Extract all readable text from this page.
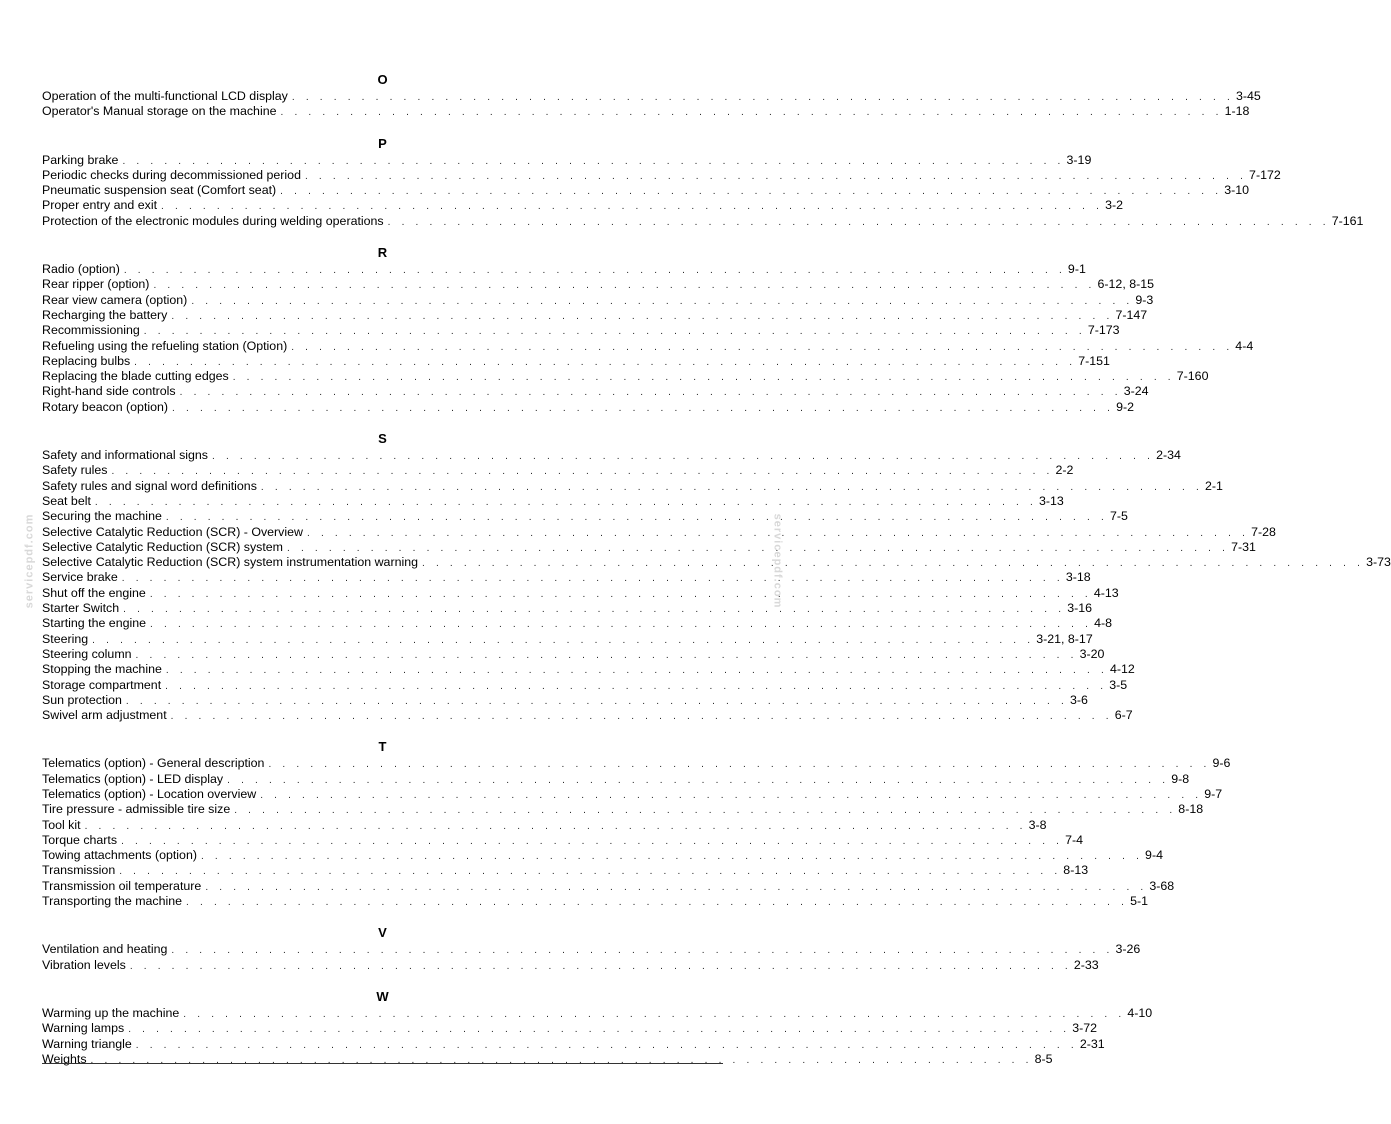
O
Operation of the multi-functional LCD display . . . . . . . . . . . . . . . . . . . . . . . . . . . . . . . . . . . . . . . . . . . . . . . . . . . . . . . . . . . . . . . . . . . . 3-45
Operator's Manual storage on the machine . . . . . . . . . . . . . . . . . . . . . . . . . . . . . . . . . . . . . . . . . . . . . . . . . . . . . . . . . . . . . . . . . . . . 1-18
P
Parking brake . . . . . . . . . . . . . . . . . . . . . . . . . . . . . . . . . . . . . . . . . . . . . . . . . . . . . . . . . . . . . . . . . . . . 3-19
Periodic checks during decommissioned period . . . . . . . . . . . . . . . . . . . . . . . . . . . . . . . . . . . . . . . . . . . . . . . . . . . . . . . . . . . . . . . . . . . . 7-172
Pneumatic suspension seat (Comfort seat) . . . . . . . . . . . . . . . . . . . . . . . . . . . . . . . . . . . . . . . . . . . . . . . . . . . . . . . . . . . . . . . . . . . . 3-10
Proper entry and exit . . . . . . . . . . . . . . . . . . . . . . . . . . . . . . . . . . . . . . . . . . . . . . . . . . . . . . . . . . . . . . . . . . . . 3-2
Protection of the electronic modules during welding operations . . . . . . . . . . . . . . . . . . . . . . . . . . . . . . . . . . . . . . . . . . . . . . . . . . . . . . . . . . . . . . . . . . . . 7-161
R
Radio (option) . . . . . . . . . . . . . . . . . . . . . . . . . . . . . . . . . . . . . . . . . . . . . . . . . . . . . . . . . . . . . . . . . . . . 9-1
Rear ripper (option) . . . . . . . . . . . . . . . . . . . . . . . . . . . . . . . . . . . . . . . . . . . . . . . . . . . . . . . . . . . . . . . . . . . . 6-12, 8-15
Rear view camera (option) . . . . . . . . . . . . . . . . . . . . . . . . . . . . . . . . . . . . . . . . . . . . . . . . . . . . . . . . . . . . . . . . . . . . 9-3
Recharging the battery . . . . . . . . . . . . . . . . . . . . . . . . . . . . . . . . . . . . . . . . . . . . . . . . . . . . . . . . . . . . . . . . . . . . 7-147
Recommissioning . . . . . . . . . . . . . . . . . . . . . . . . . . . . . . . . . . . . . . . . . . . . . . . . . . . . . . . . . . . . . . . . . . . . 7-173
Refueling using the refueling station (Option) . . . . . . . . . . . . . . . . . . . . . . . . . . . . . . . . . . . . . . . . . . . . . . . . . . . . . . . . . . . . . . . . . . . . 4-4
Replacing bulbs . . . . . . . . . . . . . . . . . . . . . . . . . . . . . . . . . . . . . . . . . . . . . . . . . . . . . . . . . . . . . . . . . . . . 7-151
Replacing the blade cutting edges . . . . . . . . . . . . . . . . . . . . . . . . . . . . . . . . . . . . . . . . . . . . . . . . . . . . . . . . . . . . . . . . . . . . 7-160
Right-hand side controls . . . . . . . . . . . . . . . . . . . . . . . . . . . . . . . . . . . . . . . . . . . . . . . . . . . . . . . . . . . . . . . . . . . . 3-24
Rotary beacon (option) . . . . . . . . . . . . . . . . . . . . . . . . . . . . . . . . . . . . . . . . . . . . . . . . . . . . . . . . . . . . . . . . . . . . 9-2
S
Safety and informational signs . . . . . . . . . . . . . . . . . . . . . . . . . . . . . . . . . . . . . . . . . . . . . . . . . . . . . . . . . . . . . . . . . . . . 2-34
Safety rules . . . . . . . . . . . . . . . . . . . . . . . . . . . . . . . . . . . . . . . . . . . . . . . . . . . . . . . . . . . . . . . . . . . . 2-2
Safety rules and signal word definitions . . . . . . . . . . . . . . . . . . . . . . . . . . . . . . . . . . . . . . . . . . . . . . . . . . . . . . . . . . . . . . . . . . . . 2-1
Seat belt . . . . . . . . . . . . . . . . . . . . . . . . . . . . . . . . . . . . . . . . . . . . . . . . . . . . . . . . . . . . . . . . . . . . 3-13
Securing the machine . . . . . . . . . . . . . . . . . . . . . . . . . . . . . . . . . . . . . . . . . . . . . . . . . . . . . . . . . . . . . . . . . . . . 7-5
Selective Catalytic Reduction (SCR) - Overview . . . . . . . . . . . . . . . . . . . . . . . . . . . . . . . . . . . . . . . . . . . . . . . . . . . . . . . . . . . . . . . . . . . . 7-28
Selective Catalytic Reduction (SCR) system . . . . . . . . . . . . . . . . . . . . . . . . . . . . . . . . . . . . . . . . . . . . . . . . . . . . . . . . . . . . . . . . . . . . 7-31
Selective Catalytic Reduction (SCR) system instrumentation warning . . . . . . . . . . . . . . . . . . . . . . . . . . . . . . . . . . . . . . . . . . . . . . . . . . . . . . . . . . . . . . . . . . . . 3-73
Service brake . . . . . . . . . . . . . . . . . . . . . . . . . . . . . . . . . . . . . . . . . . . . . . . . . . . . . . . . . . . . . . . . . . . . 3-18
Shut off the engine . . . . . . . . . . . . . . . . . . . . . . . . . . . . . . . . . . . . . . . . . . . . . . . . . . . . . . . . . . . . . . . . . . . . 4-13
Starter Switch . . . . . . . . . . . . . . . . . . . . . . . . . . . . . . . . . . . . . . . . . . . . . . . . . . . . . . . . . . . . . . . . . . . . 3-16
Starting the engine . . . . . . . . . . . . . . . . . . . . . . . . . . . . . . . . . . . . . . . . . . . . . . . . . . . . . . . . . . . . . . . . . . . . 4-8
Steering . . . . . . . . . . . . . . . . . . . . . . . . . . . . . . . . . . . . . . . . . . . . . . . . . . . . . . . . . . . . . . . . . . . . 3-21, 8-17
Steering column . . . . . . . . . . . . . . . . . . . . . . . . . . . . . . . . . . . . . . . . . . . . . . . . . . . . . . . . . . . . . . . . . . . . 3-20
Stopping the machine . . . . . . . . . . . . . . . . . . . . . . . . . . . . . . . . . . . . . . . . . . . . . . . . . . . . . . . . . . . . . . . . . . . . 4-12
Storage compartment . . . . . . . . . . . . . . . . . . . . . . . . . . . . . . . . . . . . . . . . . . . . . . . . . . . . . . . . . . . . . . . . . . . . 3-5
Sun protection . . . . . . . . . . . . . . . . . . . . . . . . . . . . . . . . . . . . . . . . . . . . . . . . . . . . . . . . . . . . . . . . . . . . 3-6
Swivel arm adjustment . . . . . . . . . . . . . . . . . . . . . . . . . . . . . . . . . . . . . . . . . . . . . . . . . . . . . . . . . . . . . . . . . . . . 6-7
T
Telematics (option) - General description . . . . . . . . . . . . . . . . . . . . . . . . . . . . . . . . . . . . . . . . . . . . . . . . . . . . . . . . . . . . . . . . . . . . 9-6
Telematics (option) - LED display . . . . . . . . . . . . . . . . . . . . . . . . . . . . . . . . . . . . . . . . . . . . . . . . . . . . . . . . . . . . . . . . . . . . 9-8
Telematics (option) - Location overview . . . . . . . . . . . . . . . . . . . . . . . . . . . . . . . . . . . . . . . . . . . . . . . . . . . . . . . . . . . . . . . . . . . . 9-7
Tire pressure - admissible tire size . . . . . . . . . . . . . . . . . . . . . . . . . . . . . . . . . . . . . . . . . . . . . . . . . . . . . . . . . . . . . . . . . . . . 8-18
Tool kit . . . . . . . . . . . . . . . . . . . . . . . . . . . . . . . . . . . . . . . . . . . . . . . . . . . . . . . . . . . . . . . . . . . . 3-8
Torque charts . . . . . . . . . . . . . . . . . . . . . . . . . . . . . . . . . . . . . . . . . . . . . . . . . . . . . . . . . . . . . . . . . . . . 7-4
Towing attachments (option) . . . . . . . . . . . . . . . . . . . . . . . . . . . . . . . . . . . . . . . . . . . . . . . . . . . . . . . . . . . . . . . . . . . . 9-4
Transmission . . . . . . . . . . . . . . . . . . . . . . . . . . . . . . . . . . . . . . . . . . . . . . . . . . . . . . . . . . . . . . . . . . . . 8-13
Transmission oil temperature . . . . . . . . . . . . . . . . . . . . . . . . . . . . . . . . . . . . . . . . . . . . . . . . . . . . . . . . . . . . . . . . . . . . 3-68
Transporting the machine . . . . . . . . . . . . . . . . . . . . . . . . . . . . . . . . . . . . . . . . . . . . . . . . . . . . . . . . . . . . . . . . . . . . 5-1
V
Ventilation and heating . . . . . . . . . . . . . . . . . . . . . . . . . . . . . . . . . . . . . . . . . . . . . . . . . . . . . . . . . . . . . . . . . . . . 3-26
Vibration levels . . . . . . . . . . . . . . . . . . . . . . . . . . . . . . . . . . . . . . . . . . . . . . . . . . . . . . . . . . . . . . . . . . . . 2-33
W
Warming up the machine . . . . . . . . . . . . . . . . . . . . . . . . . . . . . . . . . . . . . . . . . . . . . . . . . . . . . . . . . . . . . . . . . . . . 4-10
Warning lamps . . . . . . . . . . . . . . . . . . . . . . . . . . . . . . . . . . . . . . . . . . . . . . . . . . . . . . . . . . . . . . . . . . . . 3-72
Warning triangle . . . . . . . . . . . . . . . . . . . . . . . . . . . . . . . . . . . . . . . . . . . . . . . . . . . . . . . . . . . . . . . . . . . . 2-31
Weights . . . . . . . . . . . . . . . . . . . . . . . . . . . . . . . . . . . . . . . . . . . . . . . . . . . . . . . . . . . . . . . . . . . . 8-5
servicepdf.com	servicepdf.com
